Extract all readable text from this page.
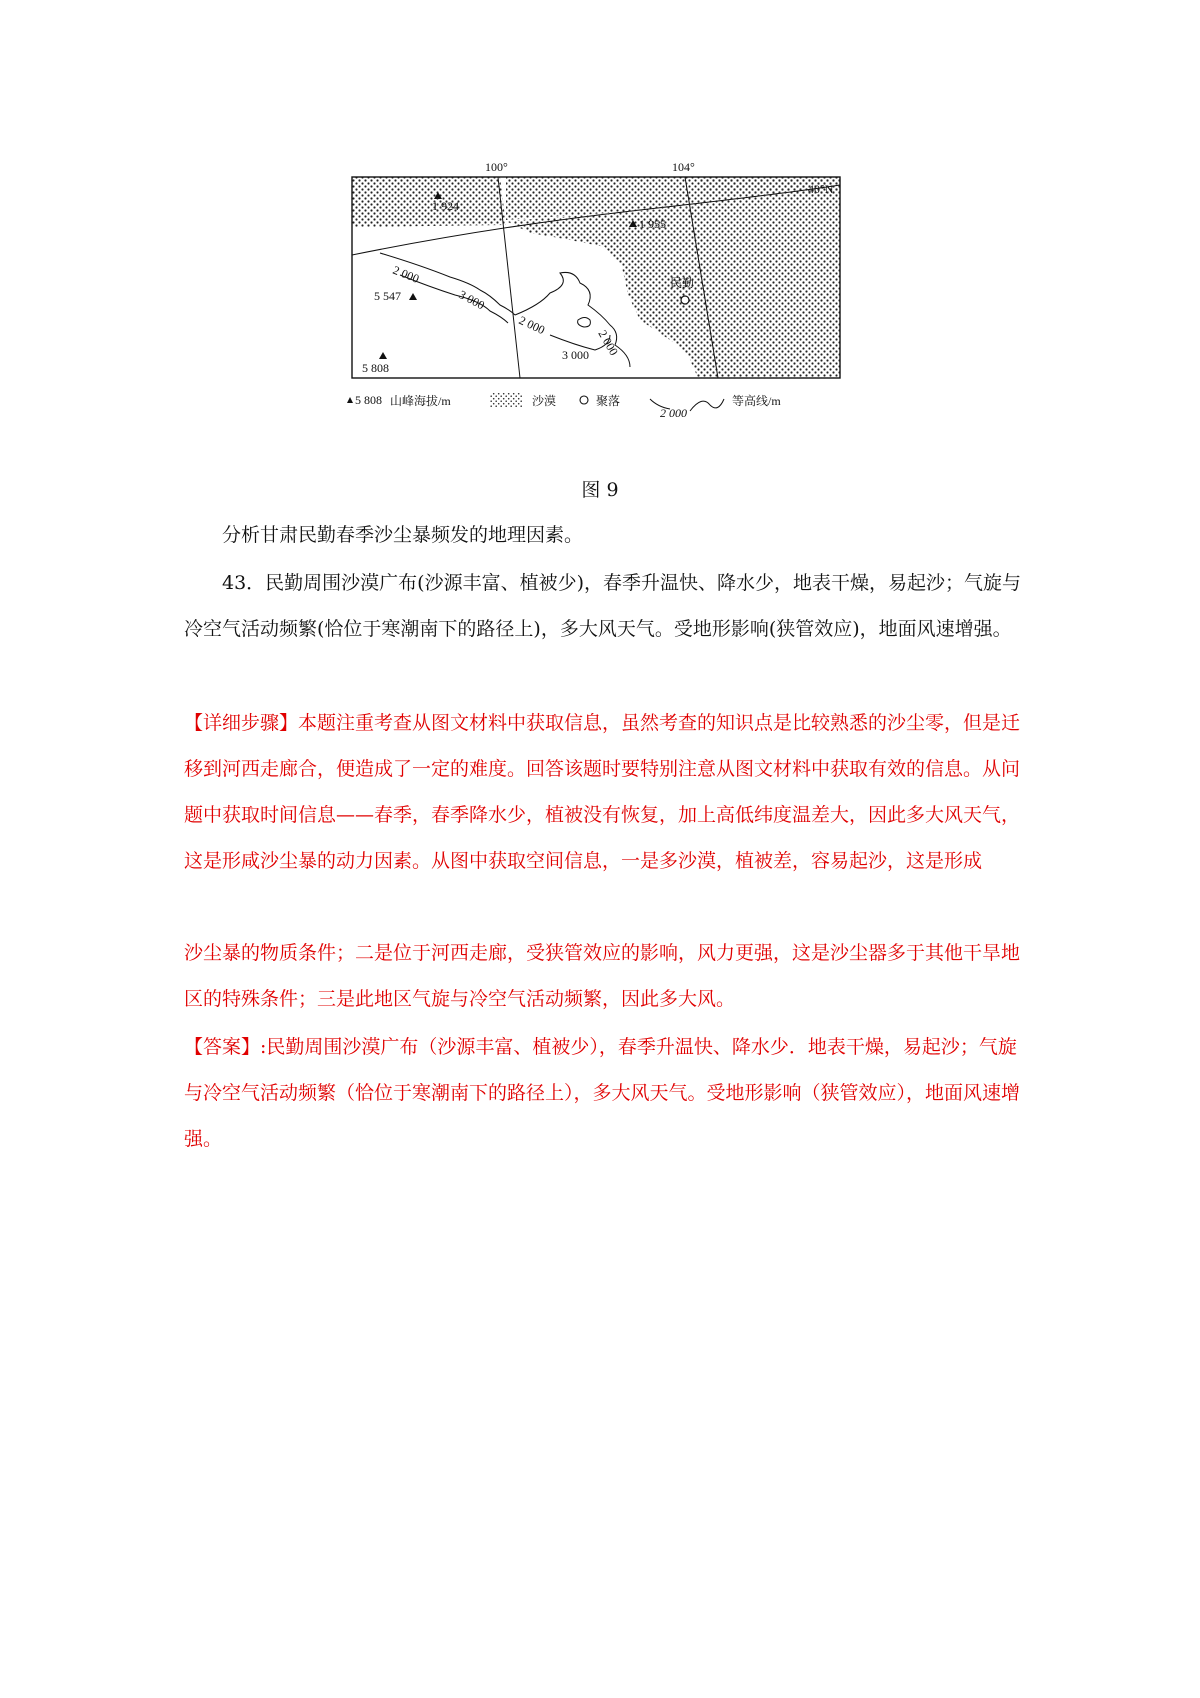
1 924
1 955
5 547
5 808
2 000
3 000
2 000
2 000
3 000
民勤
100°	104°
40°N
5 808 山峰海拔/m	沙漠	聚落
2 000
等高线/m
图 9

分析甘肃民勤春季沙尘暴频发的地理因素。

43．民勤周围沙漠广布(沙源丰富、植被少)，春季升温快、降水少，地表干燥，易起沙；气旋与冷空气活动频繁(恰位于寒潮南下的路径上)，多大风天气。受地形影响(狭管效应)，地面风速增强。

【详细步骤】本题注重考查从图文材料中获取信息，虽然考查的知识点是比较熟悉的沙尘零，但是迁移到河西走廊合，便造成了一定的难度。回答该题时要特别注意从图文材料中获取有效的信息。从问题中获取时间信息——春季，春季降水少，植被没有恢复，加上高低纬度温差大，因此多大风天气，这是形咸沙尘暴的动力因素。从图中获取空间信息，一是多沙漠，植被差，容易起沙，这是形成

沙尘暴的物质条件；二是位于河西走廊，受狭管效应的影响，风力更强，这是沙尘器多于其他干旱地区的特殊条件；三是此地区气旋与冷空气活动频繁，因此多大风。

【答案】:民勤周围沙漠广布（沙源丰富、植被少），春季升温快、降水少．地表干燥，易起沙；气旋与冷空气活动频繁（恰位于寒潮南下的路径上），多大风天气。受地形影响（狭管效应），地面风速增强。
